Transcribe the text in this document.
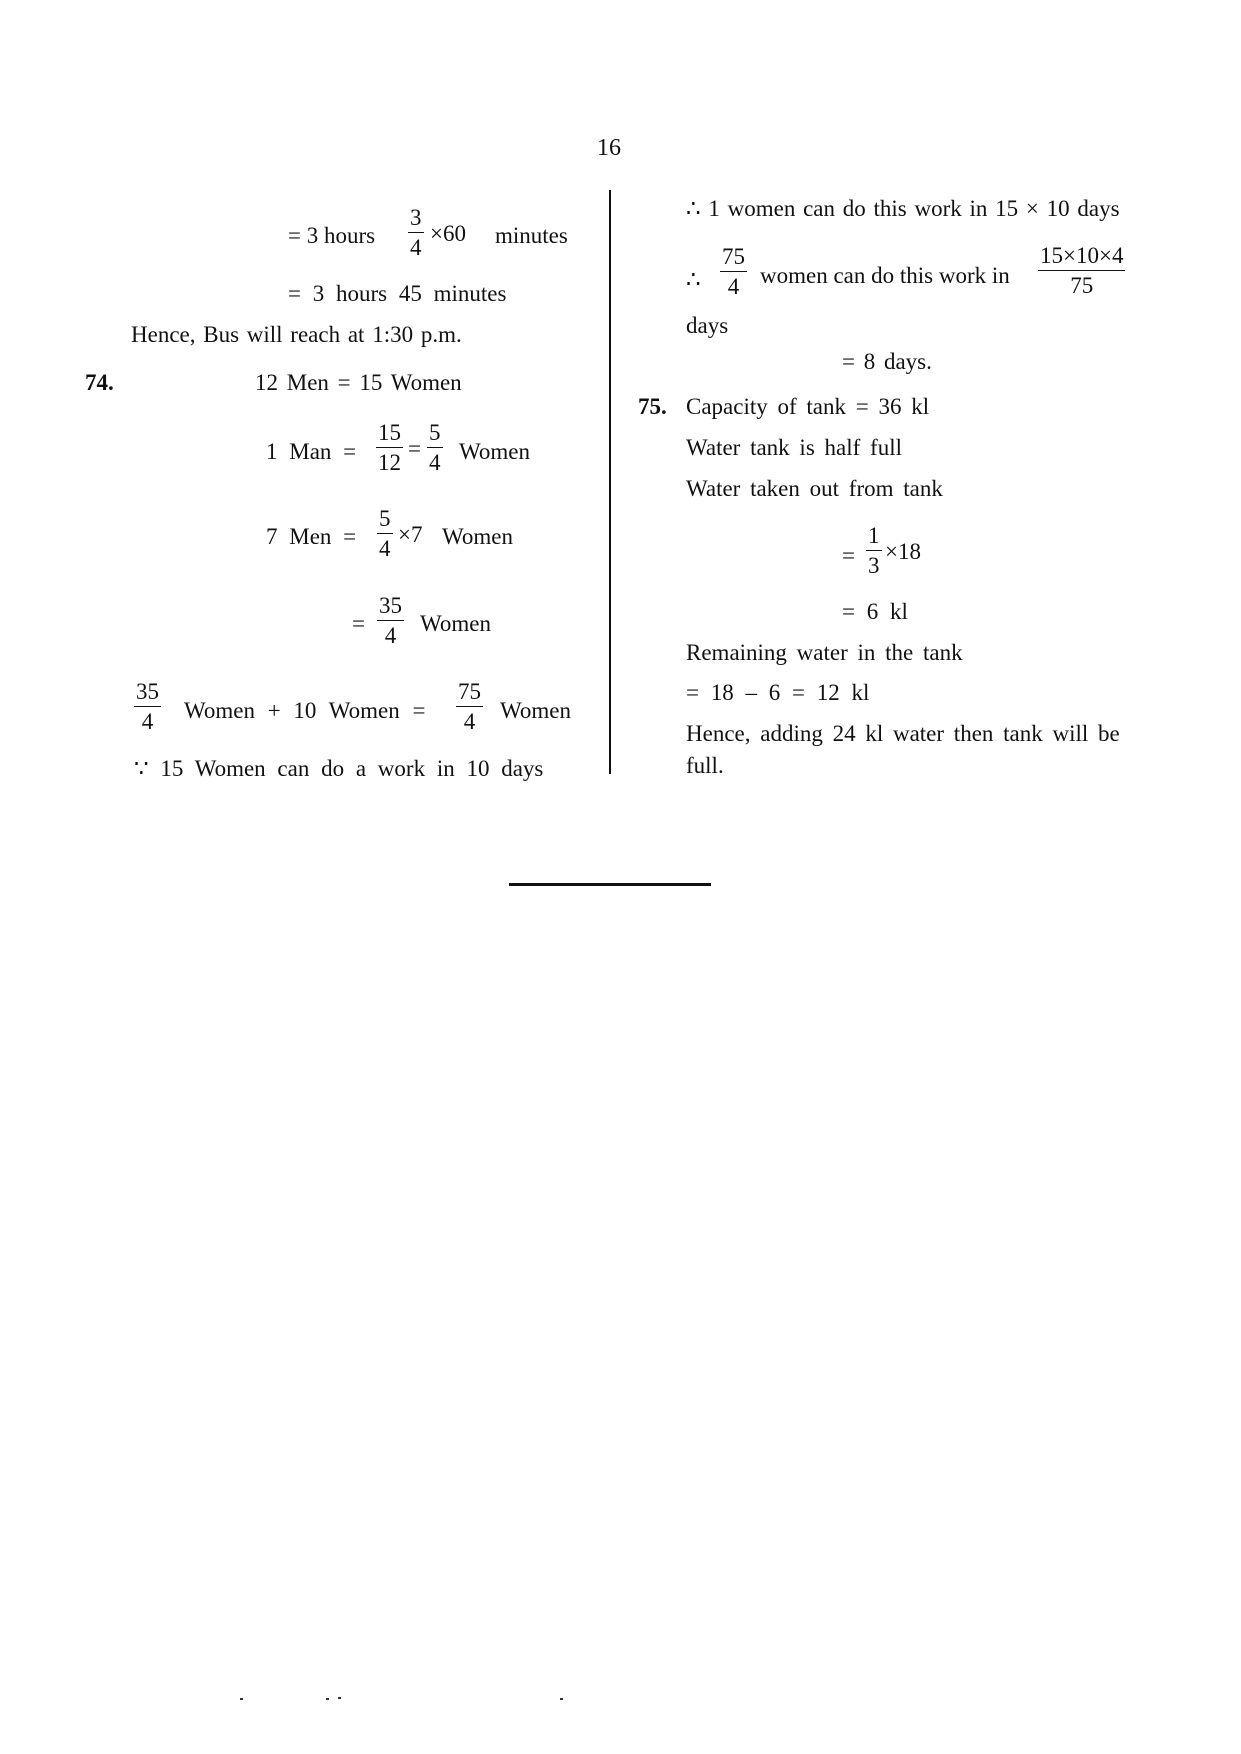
16
= 3 hours
3
4
×60 minutes
= 3 hours 45 minutes
Hence, Bus will reach at 1:30 p.m.
74.	12 Men = 15 Women
1 Man =
15
12
=
5
4 Women
7 Men =
5
4
×7 Women
=
35
4	Women
35
4	Women + 10 Women =
75
4	Women
∵ 15 Women can do a work in 10 days
∴ 1 women can do this work in 15 × 10 days
∴
75
4 women can do this work in
15×10×4
75
days
= 8 days.
75. Capacity of tank = 36 kl
Water tank is half full
Water taken out from tank
=
1
3
×18
= 6 kl
Remaining water in the tank
= 18 – 6 = 12 kl
Hence, adding 24 kl water then tank will be
full.
